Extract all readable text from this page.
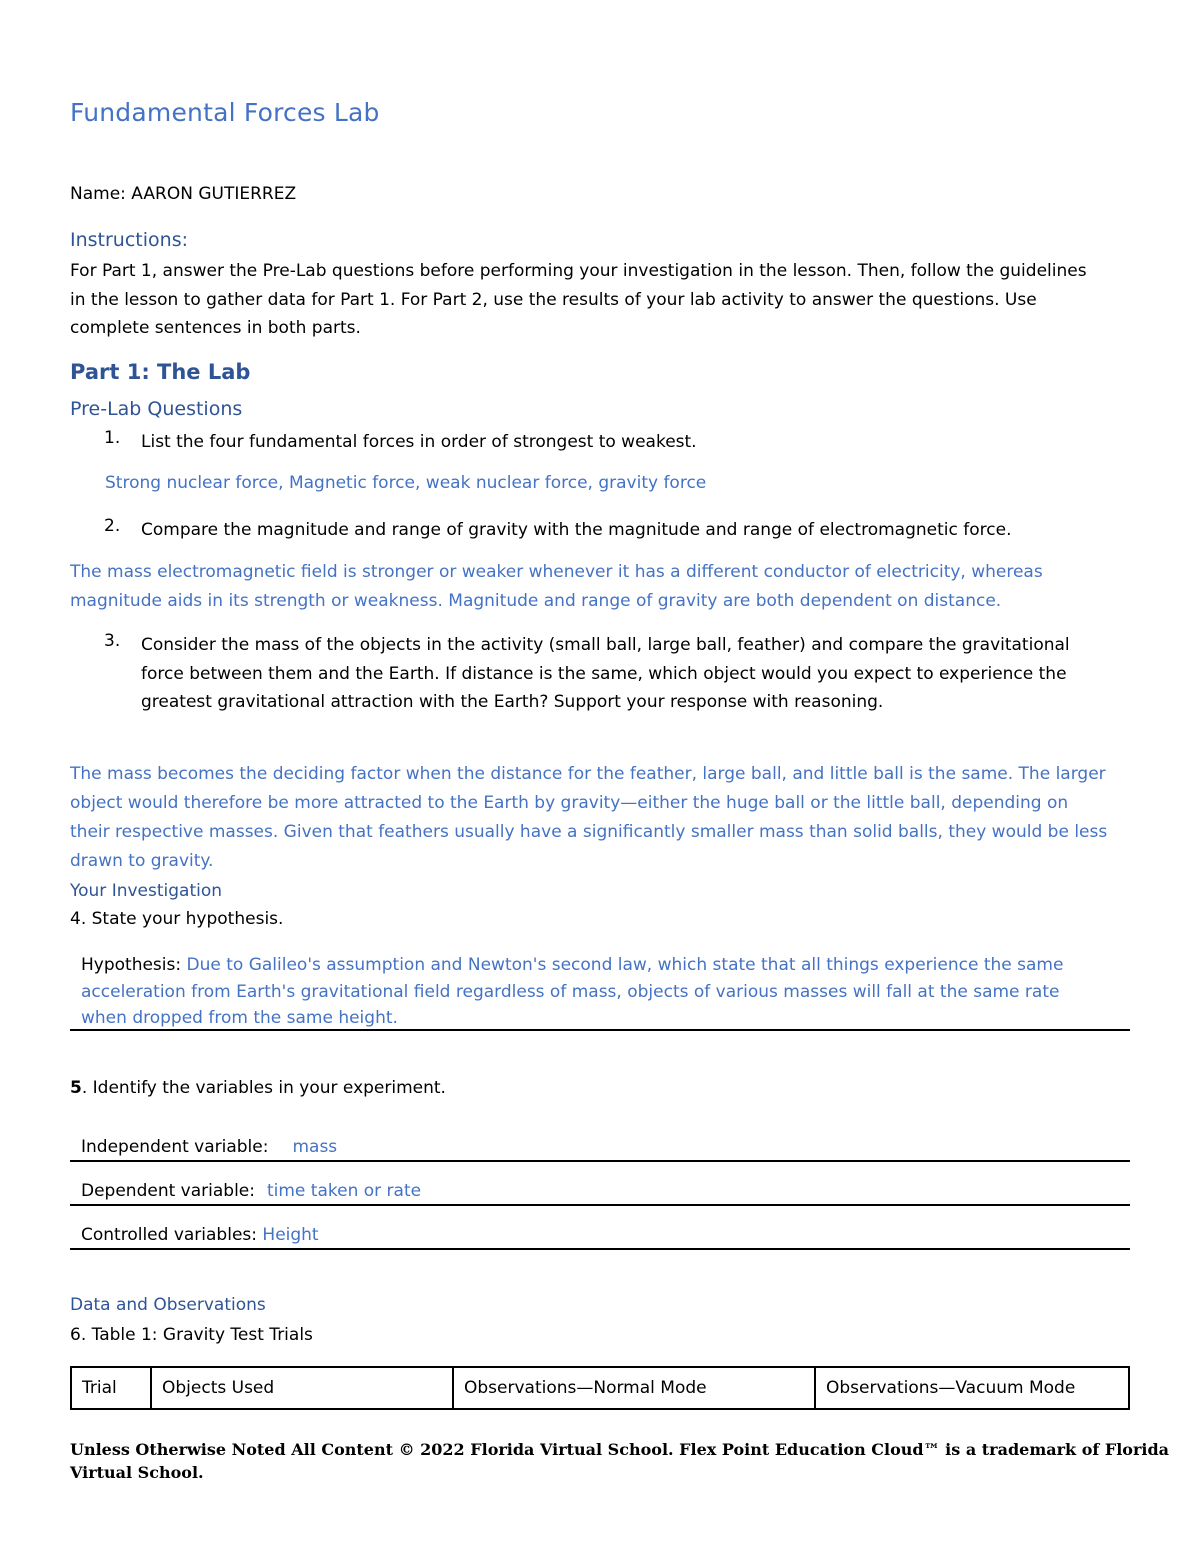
Fundamental Forces Lab
Name: AARON GUTIERREZ
Instructions:
For Part 1, answer the Pre-Lab questions before performing your investigation in the lesson. Then, follow the guidelines
in the lesson to gather data for Part 1. For Part 2, use the results of your lab activity to answer the questions. Use
complete sentences in both parts.
Part 1: The Lab
Pre-Lab Questions
1. List the four fundamental forces in order of strongest to weakest.
Strong nuclear force, Magnetic force, weak nuclear force, gravity force
2. Compare the magnitude and range of gravity with the magnitude and range of electromagnetic force.
The mass electromagnetic field is stronger or weaker whenever it has a different conductor of electricity, whereas
magnitude aids in its strength or weakness. Magnitude and range of gravity are both dependent on distance.
3. Consider the mass of the objects in the activity (small ball, large ball, feather) and compare the gravitational
force between them and the Earth. If distance is the same, which object would you expect to experience the
greatest gravitational attraction with the Earth? Support your response with reasoning.
The mass becomes the deciding factor when the distance for the feather, large ball, and little ball is the same. The larger
object would therefore be more attracted to the Earth by gravity—either the huge ball or the little ball, depending on
their respective masses. Given that feathers usually have a significantly smaller mass than solid balls, they would be less
drawn to gravity.
Your Investigation
4. State your hypothesis.
Hypothesis: Due to Galileo's assumption and Newton's second law, which state that all things experience the same
acceleration from Earth's gravitational field regardless of mass, objects of various masses will fall at the same rate
when dropped from the same height.
5. Identify the variables in your experiment.
Independent variable: mass
Dependent variable: time taken or rate
Controlled variables: Height
Data and Observations
6. Table 1: Gravity Test Trials
Trial	Objects Used	Observations—Normal Mode	Observations—Vacuum Mode
Unless Otherwise Noted All Content © 2022 Florida Virtual School. Flex Point Education Cloud™ is a trademark of Florida
Virtual School.
